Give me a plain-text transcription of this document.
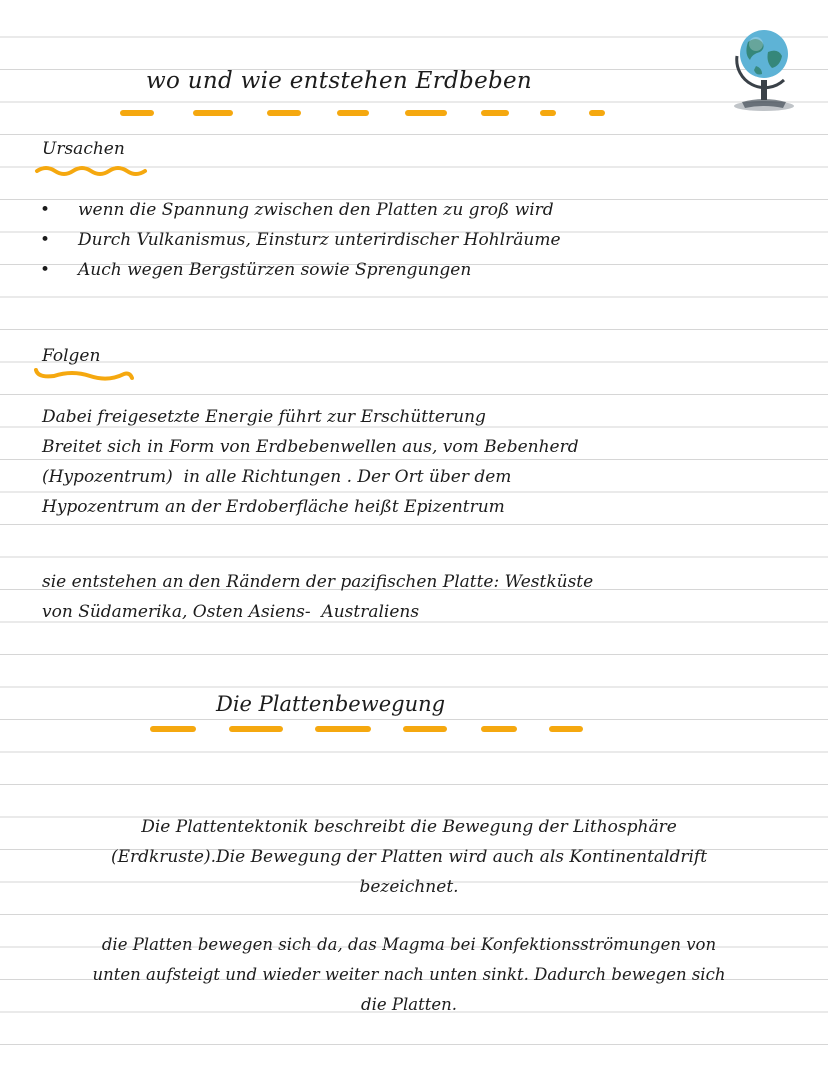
wo und wie entstehen Erdbeben
Ursachen
• wenn die Spannung zwischen den Platten zu groß wird
• Durch Vulkanismus, Einsturz unterirdischer Hohlräume
• Auch wegen Bergstürzen sowie Sprengungen
Folgen
Dabei freigesetzte Energie führt zur Erschütterung
Breitet sich in Form von Erdbebenwellen aus, vom Bebenherd
(Hypozentrum)  in alle Richtungen . Der Ort über dem
Hypozentrum an der Erdoberfläche heißt Epizentrum
sie entstehen an den Rändern der pazifischen Platte: Westküste
von Südamerika, Osten Asiens-  Australiens
Die Plattenbewegung
Die Plattentektonik beschreibt die Bewegung der Lithosphäre
(Erdkruste).Die Bewegung der Platten wird auch als Kontinentaldrift
bezeichnet.
die Platten bewegen sich da, das Magma bei Konfektionsströmungen von
unten aufsteigt und wieder weiter nach unten sinkt. Dadurch bewegen sich
die Platten.
